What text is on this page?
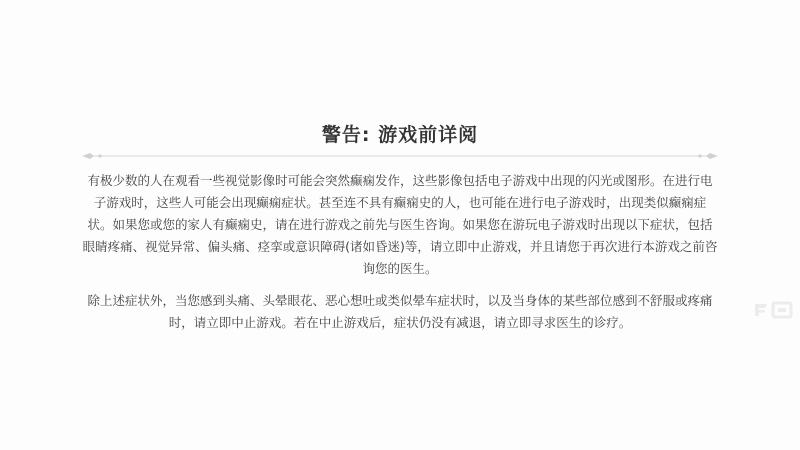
警告: 游戏前详阅
有极少数的人在观看一些视觉影像时可能会突然癫痫发作，这些影像包括电子游戏中出现的闪光或图形。在进行电子游戏时，这些人可能会出现癫痫症状。甚至连不具有癫痫史的人，也可能在进行电子游戏时，出现类似癫痫症状。如果您或您的家人有癫痫史，请在进行游戏之前先与医生咨询。如果您在游玩电子游戏时出现以下症状，包括眼睛疼痛、视觉异常、偏头痛、痉挛或意识障碍(诸如昏迷)等，请立即中止游戏，并且请您于再次进行本游戏之前咨询您的医生。
除上述症状外，当您感到头痛、头晕眼花、恶心想吐或类似晕车症状时，以及当身体的某些部位感到不舒服或疼痛时，请立即中止游戏。若在中止游戏后，症状仍没有减退，请立即寻求医生的诊疗。
